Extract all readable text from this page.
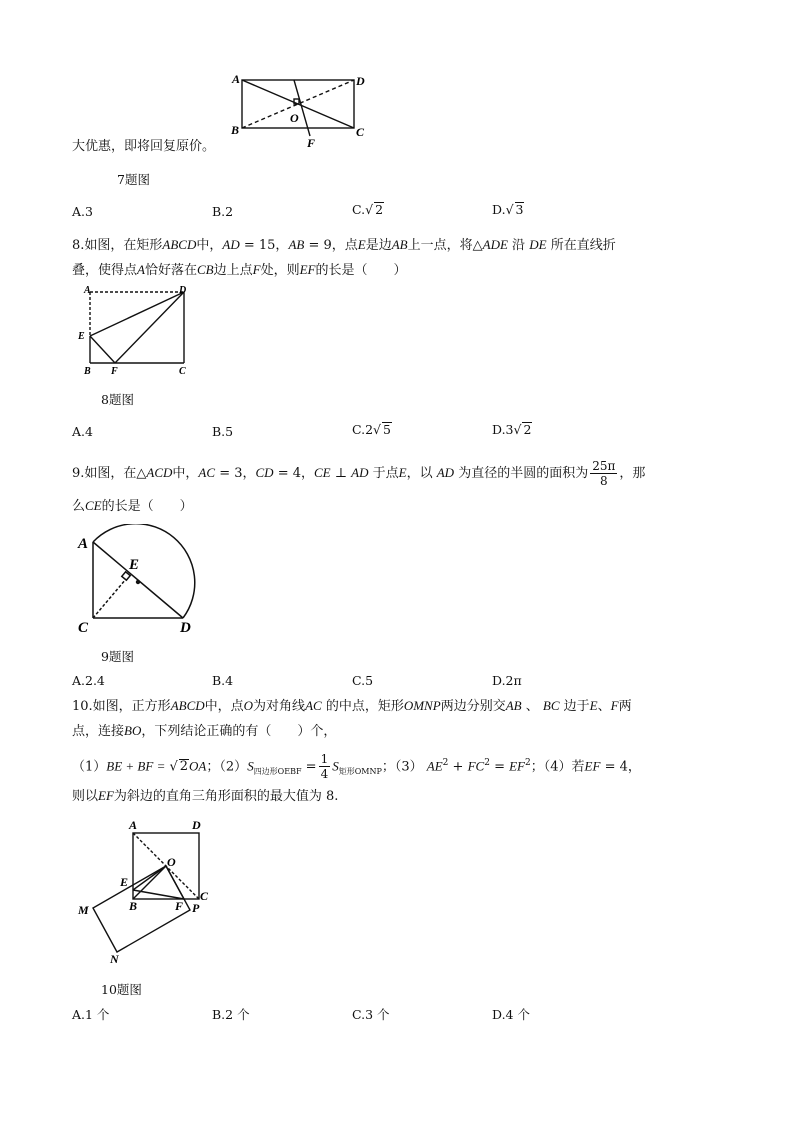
A	D
B
O
C
F
大优惠，即将回复原价。
7题图
A.3	B.2	C.√ 2	D.√ 3
8.如图，在矩形ABCD中，AD = 15，AB = 9，点E是边AB上一点，将△ADE 沿 DE 所在直线折
叠，使得点A恰好落在CB边上点F处，则EF的长是（　　）
A	D
E
B F	C
8题图
A.4	B.5	C.2√ 5	D.3√ 2
9.如图，在△ACD中，AC = 3，CD = 4，CE ⊥ AD 于点E，以 AD 为直径的半圆的面积为 $\frac{25\pi}{8}$ ，那
么CE的长是（　　）
A
E
C	D
9题图
A.2.4	B.4	C.5	D.2π
10.如图，正方形ABCD中，点O为对角线AC 的中点，矩形OMNP两边分别交AB 、 BC 边于E、F两
点，连接BO，下列结论正确的有（　　）个，
（1）BE + BF = √ 2OA；$(2)S_{四边形OEBF} = \frac{1}{4} S_{矩形OMNP}$；（3） $AE^2 + FC^2 = EF^2$；（4）若EF = 4，
则以EF为斜边的直角三角形面积的最大值为 8.
A	D
O
E
M	B	F
C
P
N
10题图
A.1 个	B.2 个	C.3 个	D.4 个
